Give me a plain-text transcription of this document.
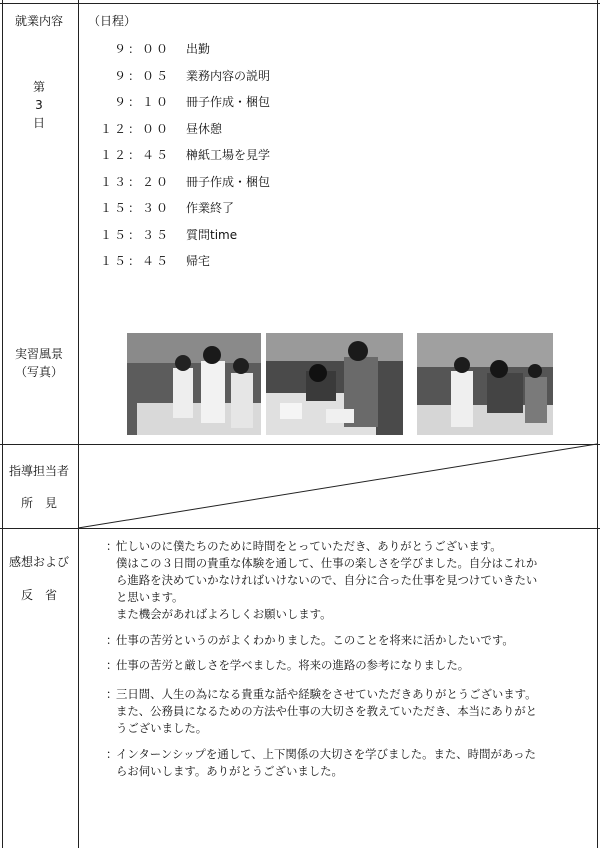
就業内容
第
3
日
実習風景
（写真）
指導担当者
所　見
感想および
反　省
（日程）
９：００ 出勤
９：０５ 業務内容の説明
９：１０ 冊子作成・梱包
１２：００ 昼休憩
１２：４５ 榊紙工場を見学
１３：２０ 冊子作成・梱包
１５：３０ 作業終了
１５：３５ 質問time
１５：４５ 帰宅
：
忙しいのに僕たちのために時間をとっていただき、ありがとうございます。
僕はこの３日間の貴重な体験を通して、仕事の楽しさを学びました。自分はこれか
ら進路を決めていかなければいけないので、自分に合った仕事を見つけていきたい
と思います。
また機会があればよろしくお願いします。
：
仕事の苦労というのがよくわかりました。このことを将来に活かしたいです。
：
仕事の苦労と厳しさを学べました。将来の進路の参考になりました。
：
三日間、人生の為になる貴重な話や経験をさせていただきありがとうございます。
また、公務員になるための方法や仕事の大切さを教えていただき、本当にありがと
うございました。
：
インターンシップを通して、上下関係の大切さを学びました。また、時間があった
らお伺いします。ありがとうございました。
